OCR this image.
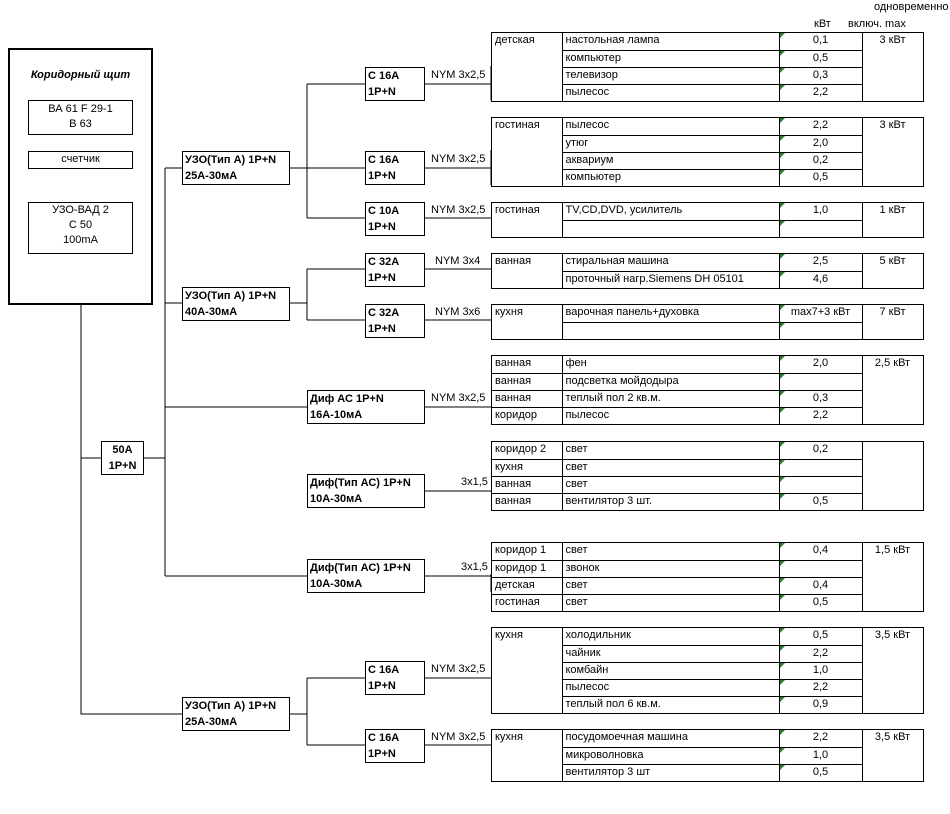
кВт
одновременно
включ. max
Коридорный щит
ВА 61 F 29-1
В 63
счетчик
УЗО-ВАД 2
С 50
100mA
50А
1Р+N
УЗО(Тип А) 1Р+N
25А-30мА
УЗО(Тип А) 1Р+N
40А-30мА
Диф АС 1Р+N
16А-10мА
Диф(Тип АС) 1Р+N
10А-30мА
Диф(Тип АС) 1Р+N
10А-30мА
УЗО(Тип А) 1Р+N
25А-30мА
С 16А
1Р+N
С 16А
1Р+N
С 10А
1Р+N
С 32А
1Р+N
С 32А
1Р+N
С 16А
1Р+N
С 16А
1Р+N
NYM 3х2,5
NYM 3х2,5
NYM 3х2,5
NYM 3х4
NYM 3х6
NYM 3х2,5
3х1,5
3х1,5
NYM 3х2,5
NYM 3х2,5
детская	настольная лампа	0,1
	компьютер	0,5
	телевизор	0,3
	пылесос	2,2
3 кВт
гостиная	пылесос	2,2
	утюг	2,0
	аквариум	0,2
	компьютер	0,5
3 кВт
гостиная	TV,CD,DVD, усилитель	1,0
			1 кВт
ванная	стиральная машина	2,5
	проточный нагр.Siemens DH 05101	4,6
5 кВт
кухня	варочная панель+духовка	max7+3 кВт
			7 кВт
ванная	фен	2,0
ванная	подсветка мойдодыра	
ванная	теплый пол 2 кв.м.	0,3
коридор	пылесос	2,2
2,5 кВт
коридор 2	свет	0,2
кухня	свет	
ванная	свет	
ванная	вентилятор 3 шт.	0,5
коридор 1	свет	0,4
коридор 1	звонок	
детская	свет	0,4
гостиная	свет	0,5
1,5 кВт
кухня	холодильник	0,5
	чайник	2,2
	комбайн	1,0
	пылесос	2,2
	теплый пол 6 кв.м.	0,9
3,5 кВт
кухня	посудомоечная машина	2,2
	микроволновка	1,0
	вентилятор 3 шт	0,5
3,5 кВт
